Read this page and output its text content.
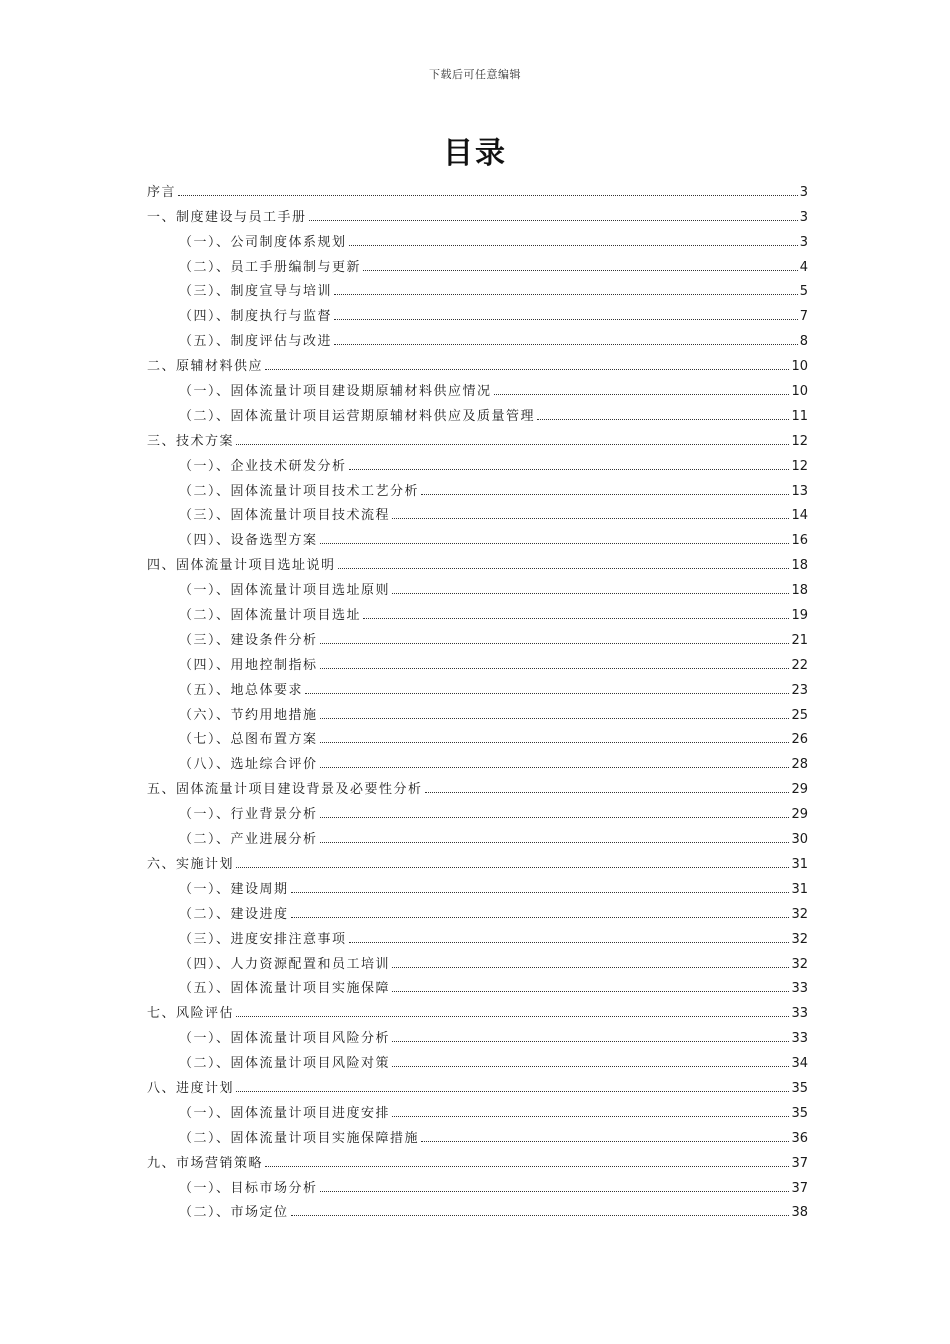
下载后可任意编辑
目录
序言	3
一、制度建设与员工手册	3
（一）、公司制度体系规划	3
（二）、员工手册编制与更新	4
（三）、制度宣导与培训	5
（四）、制度执行与监督	7
（五）、制度评估与改进	8
二、原辅材料供应	10
（一）、固体流量计项目建设期原辅材料供应情况	10
（二）、固体流量计项目运营期原辅材料供应及质量管理	11
三、技术方案	12
（一）、企业技术研发分析	12
（二）、固体流量计项目技术工艺分析	13
（三）、固体流量计项目技术流程	14
（四）、设备选型方案	16
四、固体流量计项目选址说明	18
（一）、固体流量计项目选址原则	18
（二）、固体流量计项目选址	19
（三）、建设条件分析	21
（四）、用地控制指标	22
（五）、地总体要求	23
（六）、节约用地措施	25
（七）、总图布置方案	26
（八）、选址综合评价	28
五、固体流量计项目建设背景及必要性分析	29
（一）、行业背景分析	29
（二）、产业进展分析	30
六、实施计划	31
（一）、建设周期	31
（二）、建设进度	32
（三）、进度安排注意事项	32
（四）、人力资源配置和员工培训	32
（五）、固体流量计项目实施保障	33
七、风险评估	33
（一）、固体流量计项目风险分析	33
（二）、固体流量计项目风险对策	34
八、进度计划	35
（一）、固体流量计项目进度安排	35
（二）、固体流量计项目实施保障措施	36
九、市场营销策略	37
（一）、目标市场分析	37
（二）、市场定位	38
